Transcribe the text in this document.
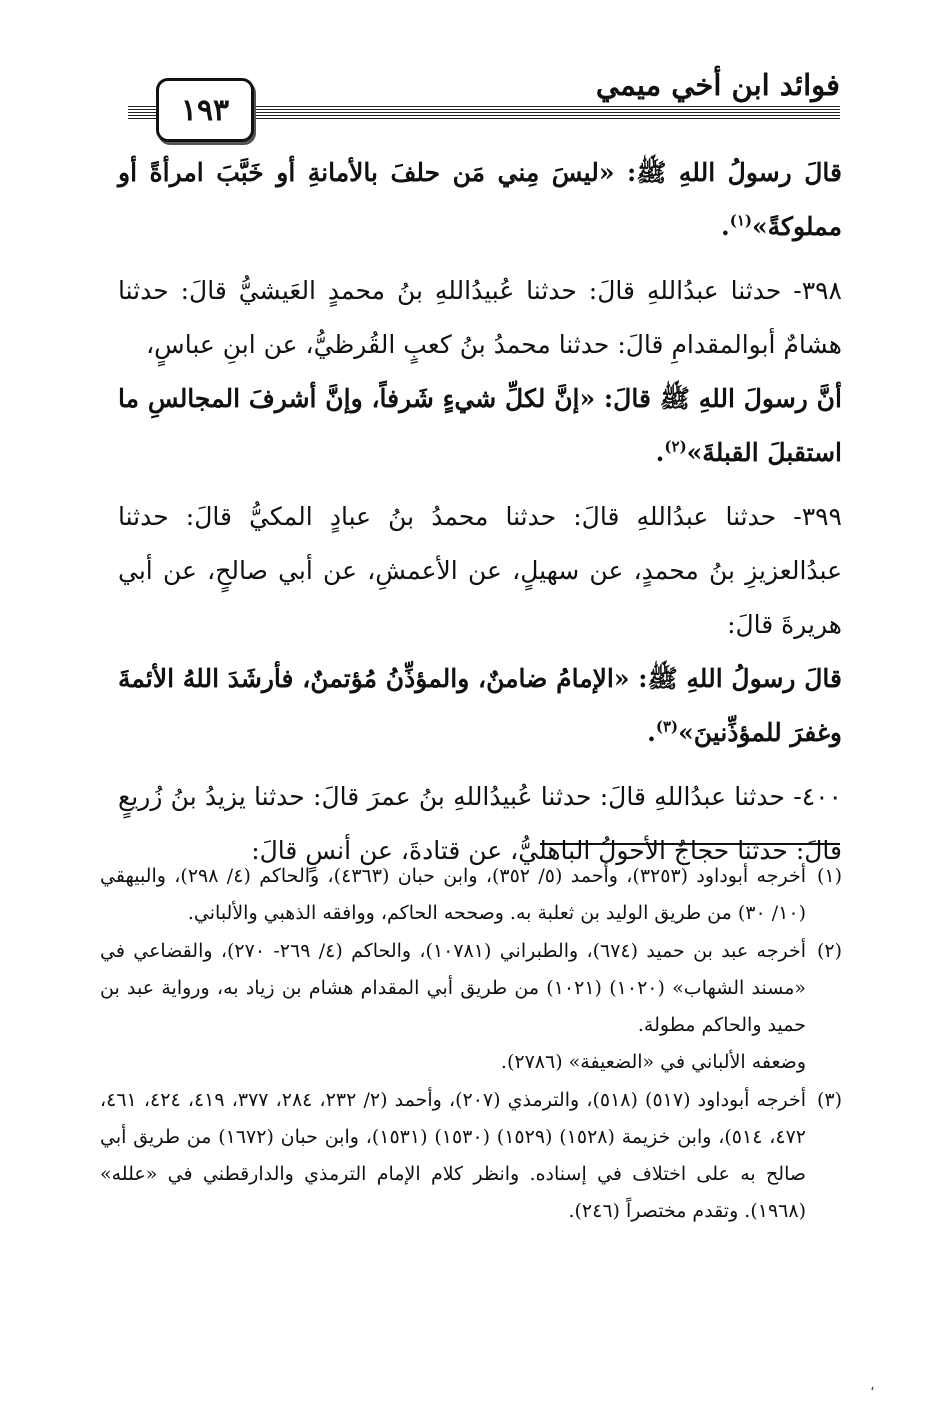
فوائد ابن أخي ميمي
١٩٣

قالَ رسولُ اللهِ ﷺ: «ليسَ مِني مَن حلفَ بالأمانةِ أو خَبَّبَ امرأةً أو مملوكةً»$^{(١)}$.

٣٩٨- حدثنا عبدُاللهِ قالَ: حدثنا عُبيدُاللهِ بنُ محمدٍ العَيشيُّ قالَ: حدثنا هشامٌ أبوالمقدامِ قالَ: حدثنا محمدُ بنُ كعبٍ القُرظيُّ، عن ابنِ عباسٍ،

أنَّ رسولَ اللهِ ﷺ قالَ: «إنَّ لكلِّ شيءٍ شَرفاً، وإنَّ أشرفَ المجالسِ ما استقبلَ القبلةَ»$^{(٢)}$.

٣٩٩- حدثنا عبدُاللهِ قالَ: حدثنا محمدُ بنُ عبادٍ المكيُّ قالَ: حدثنا عبدُالعزيزِ بنُ محمدٍ، عن سهيلٍ، عن الأعمشِ، عن أبي صالحٍ، عن أبي هريرةَ قالَ:

قالَ رسولُ اللهِ ﷺ: «الإمامُ ضامنٌ، والمؤذِّنُ مُؤتمنٌ، فأرشَدَ اللهُ الأئمةَ وغفرَ للمؤذِّنينَ»$^{(٣)}$.

٤٠٠- حدثنا عبدُاللهِ قالَ: حدثنا عُبيدُاللهِ بنُ عمرَ قالَ: حدثنا يزيدُ بنُ زُريعٍ قالَ: حدثنا حجاجٌ الأحولُ الباهليُّ، عن قتادةَ، عن أنسٍ قالَ:

(١)
أخرجه أبوداود (٣٢٥٣)، وأحمد (٥/ ٣٥٢)، وابن حبان (٤٣٦٣)، والحاكم (٤/ ٢٩٨)، والبيهقي (١٠/ ٣٠) من طريق الوليد بن ثعلبة به. وصححه الحاكم، ووافقه الذهبي والألباني.
(٢)
أخرجه عبد بن حميد (٦٧٤)، والطبراني (١٠٧٨١)، والحاكم (٤/ ٢٦٩- ٢٧٠)، والقضاعي في «مسند الشهاب» (١٠٢٠) (١٠٢١) من طريق أبي المقدام هشام بن زياد به، ورواية عبد بن حميد والحاكم مطولة.
وضعفه الألباني في «الضعيفة» (٢٧٨٦).
(٣)
أخرجه أبوداود (٥١٧) (٥١٨)، والترمذي (٢٠٧)، وأحمد (٢/ ٢٣٢، ٢٨٤، ٣٧٧، ٤١٩، ٤٢٤، ٤٦١، ٤٧٢، ٥١٤)، وابن خزيمة (١٥٢٨) (١٥٢٩) (١٥٣٠) (١٥٣١)، وابن حبان (١٦٧٢) من طريق أبي صالح به على اختلاف في إسناده. وانظر كلام الإمام الترمذي والدارقطني في «علله» (١٩٦٨). وتقدم مختصراً (٢٤٦).
،
